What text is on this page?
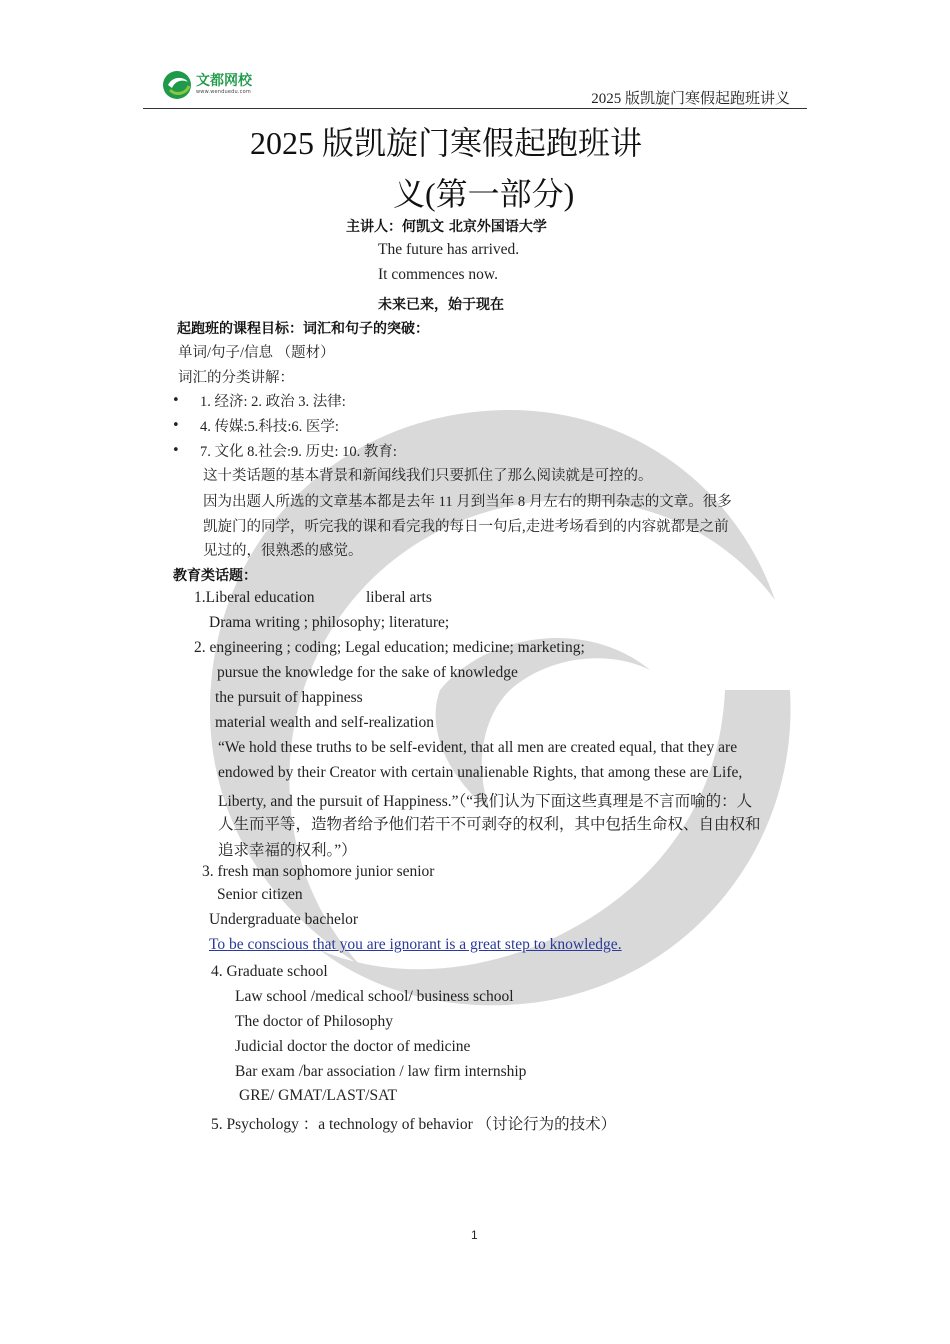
文都网校
www.wenduedu.com	2025 版凯旋门寒假起跑班讲义
2025 版凯旋门寒假起跑班讲
义(第一部分)
主讲人：何凯文 北京外国语大学
The future has arrived.
It commences now.
未来已来，始于现在
起跑班的课程目标：词汇和句子的突破：
单词/句子/信息 （题材）
词汇的分类讲解：
• 1. 经济: 2. 政治 3. 法律:
• 4. 传媒:5.科技:6. 医学:
• 7. 文化 8.社会:9. 历史: 10. 教育:
这十类话题的基本背景和新闻线我们只要抓住了那么阅读就是可控的。
因为出题人所选的文章基本都是去年 11 月到当年 8 月左右的期刊杂志的文章。很多
凯旋门的同学，听完我的课和看完我的每日一句后,走进考场看到的内容就都是之前
见过的，很熟悉的感觉。
教育类话题：
1.Liberal education	liberal arts
Drama writing ; philosophy; literature;
2. engineering ; coding; Legal education; medicine; marketing;
pursue the knowledge for the sake of knowledge
the pursuit of happiness
material wealth and self-realization
“We hold these truths to be self-evident, that all men are created equal, that they are
endowed by their Creator with certain unalienable Rights, that among these are Life,
Liberty, and the pursuit of Happiness.”（“我们认为下面这些真理是不言而喻的：人
人生而平等，造物者给予他们若干不可剥夺的权利，其中包括生命权、自由权和
追求幸福的权利。”）
3. fresh man sophomore junior senior
Senior citizen
Undergraduate bachelor
To be conscious that you are ignorant is a great step to knowledge.
4. Graduate school
Law school /medical school/ business school
The doctor of Philosophy
Judicial doctor the doctor of medicine
Bar exam /bar association / law firm internship
GRE/ GMAT/LAST/SAT
5. Psychology ：a technology of behavior （讨论行为的技术）
1
